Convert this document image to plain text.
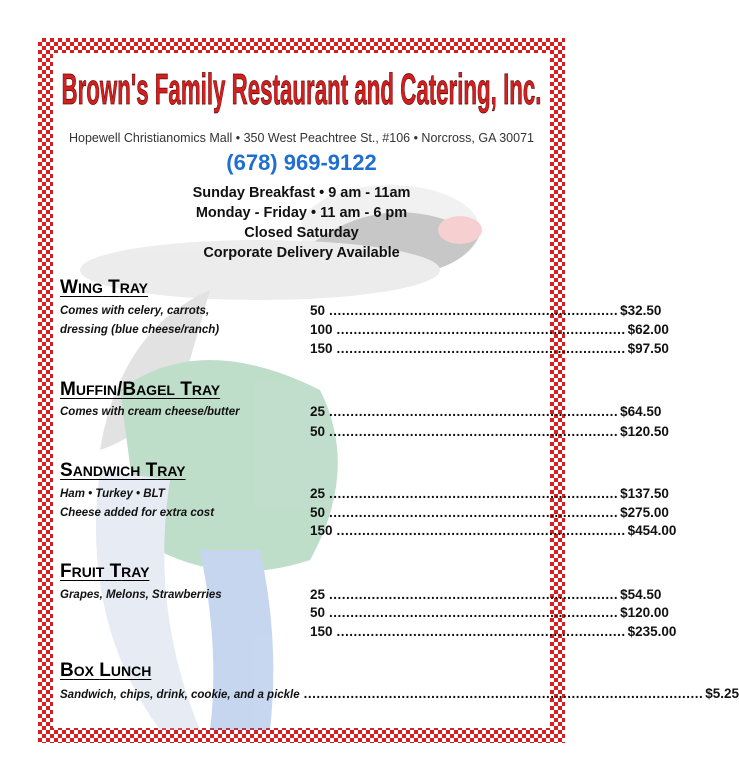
Brown's Family Restaurant and Catering, Inc.
Hopewell Christianomics Mall • 350 West Peachtree St., #106 • Norcross, GA 30071
(678) 969-9122
Sunday Breakfast • 9 am - 11am
Monday - Friday • 11 am - 6 pm
Closed Saturday
Corporate Delivery Available
WING TRAY
Comes with celery, carrots,
dressing (blue cheese/ranch)
50 .................................................................... $32.50
100 .................................................................... $62.00
150 .................................................................... $97.50
MUFFIN/BAGEL TRAY
Comes with cream cheese/butter	25 .................................................................... $64.50
50 .................................................................... $120.50
SANDWICH TRAY
Ham • Turkey • BLT
Cheese added for extra cost
25 .................................................................... $137.50
50 .................................................................... $275.00
150 .................................................................... $454.00
FRUIT TRAY
Grapes, Melons, Strawberries	25 .................................................................... $54.50
50 .................................................................... $120.00
150 .................................................................... $235.00
BOX LUNCH
Sandwich, chips, drink, cookie, and a pickle .............................................................................................. $5.25
